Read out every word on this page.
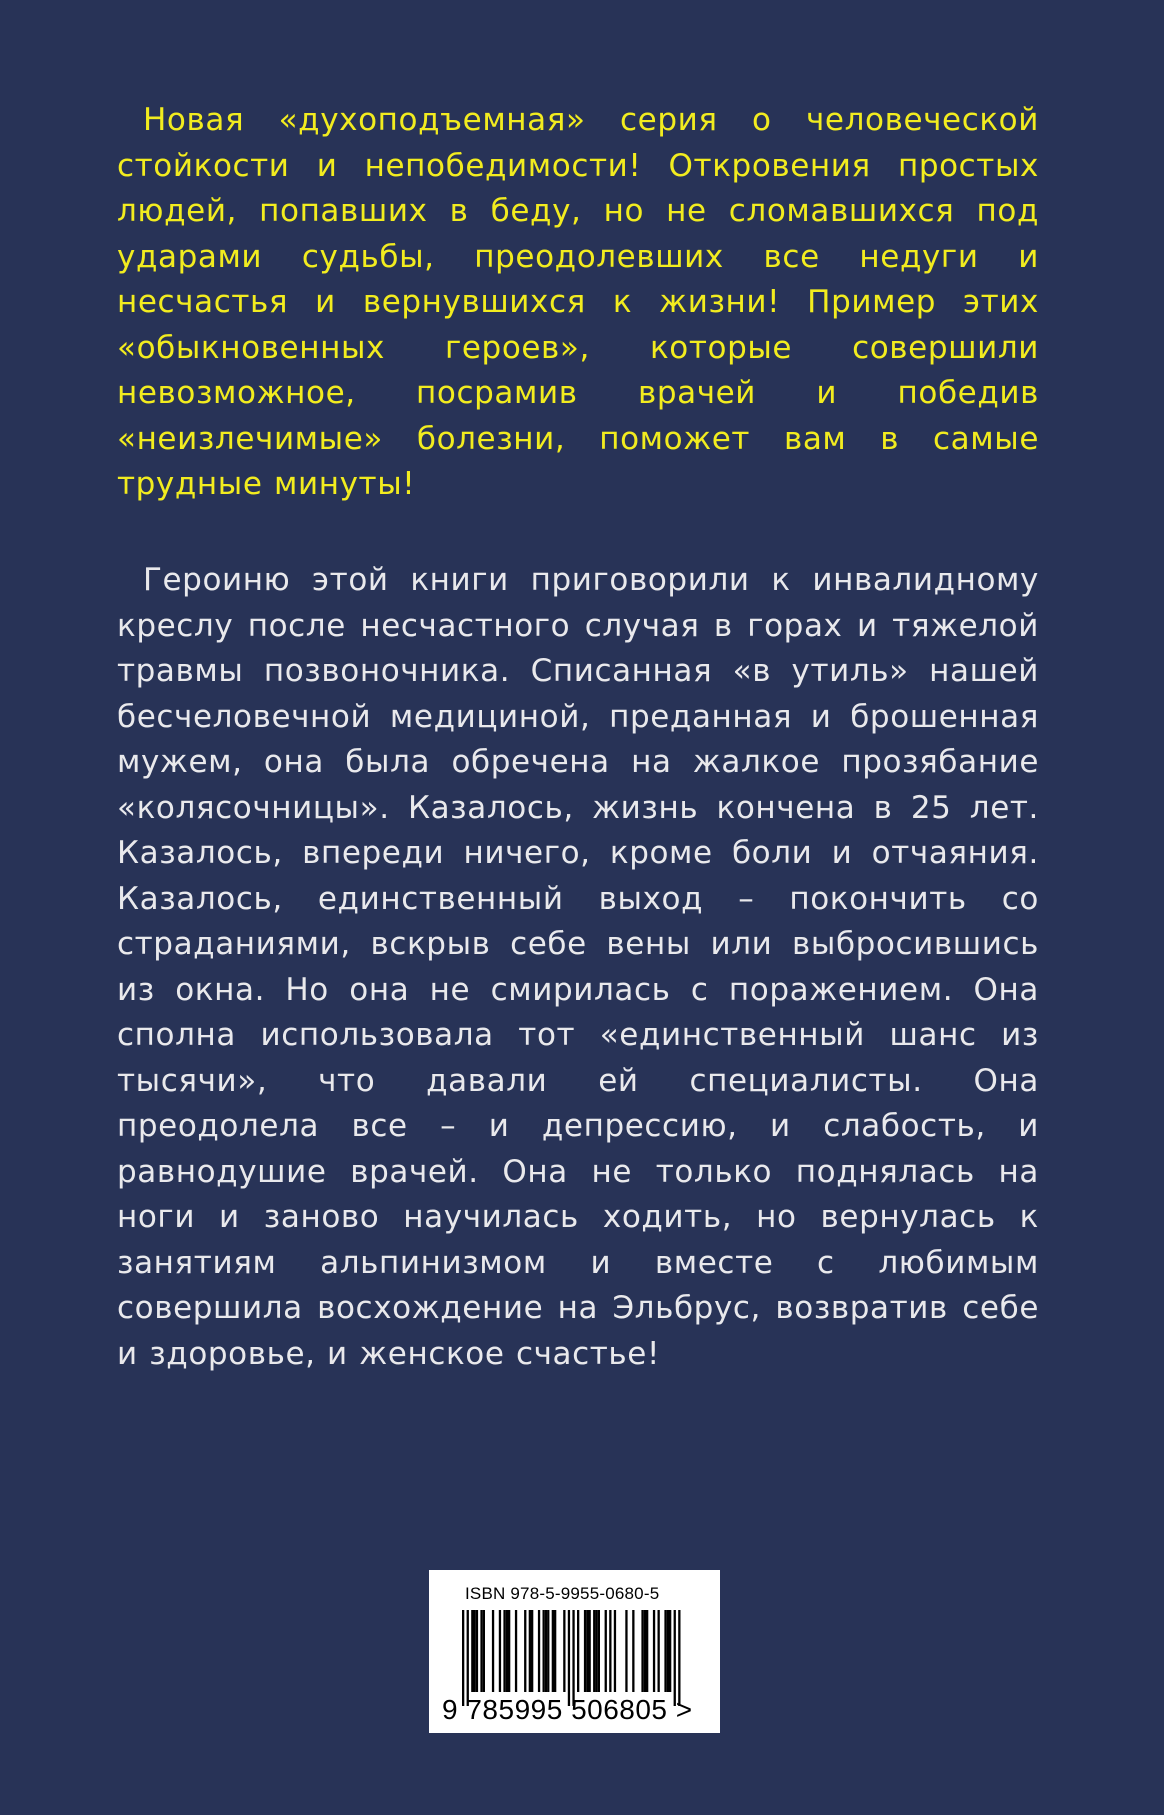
Новая «духоподъемная» серия о человеческой стойкости и непобедимости! Откровения простых людей, попавших в беду, но не сломавшихся под ударами судьбы, преодолевших все недуги и несчастья и вернувшихся к жизни! Пример этих «обыкновенных героев», которые совершили невозможное, посрамив врачей и победив «неизлечимые» болезни, поможет вам в самые трудные минуты!

Героиню этой книги приговорили к инвалидному креслу после несчастного случая в горах и тяжелой травмы позвоночника. Списанная «в утиль» нашей бесчеловечной медициной, преданная и брошенная мужем, она была обречена на жалкое прозябание «колясочницы». Казалось, жизнь кончена в 25 лет. Казалось, впереди ничего, кроме боли и отчаяния. Казалось, единственный выход – покончить со страданиями, вскрыв себе вены или выбросившись из окна. Но она не смирилась с поражением. Она сполна использовала тот «единственный шанс из тысячи», что давали ей специалисты. Она преодолела все – и депрессию, и слабость, и равнодушие врачей. Она не только поднялась на ноги и заново научилась ходить, но вернулась к занятиям альпинизмом и вместе с любимым совершила восхождение на Эльбрус, возвратив себе и здоровье, и женское счастье!

ISBN 978-5-9955-0680-5
9 785995 506805 >
